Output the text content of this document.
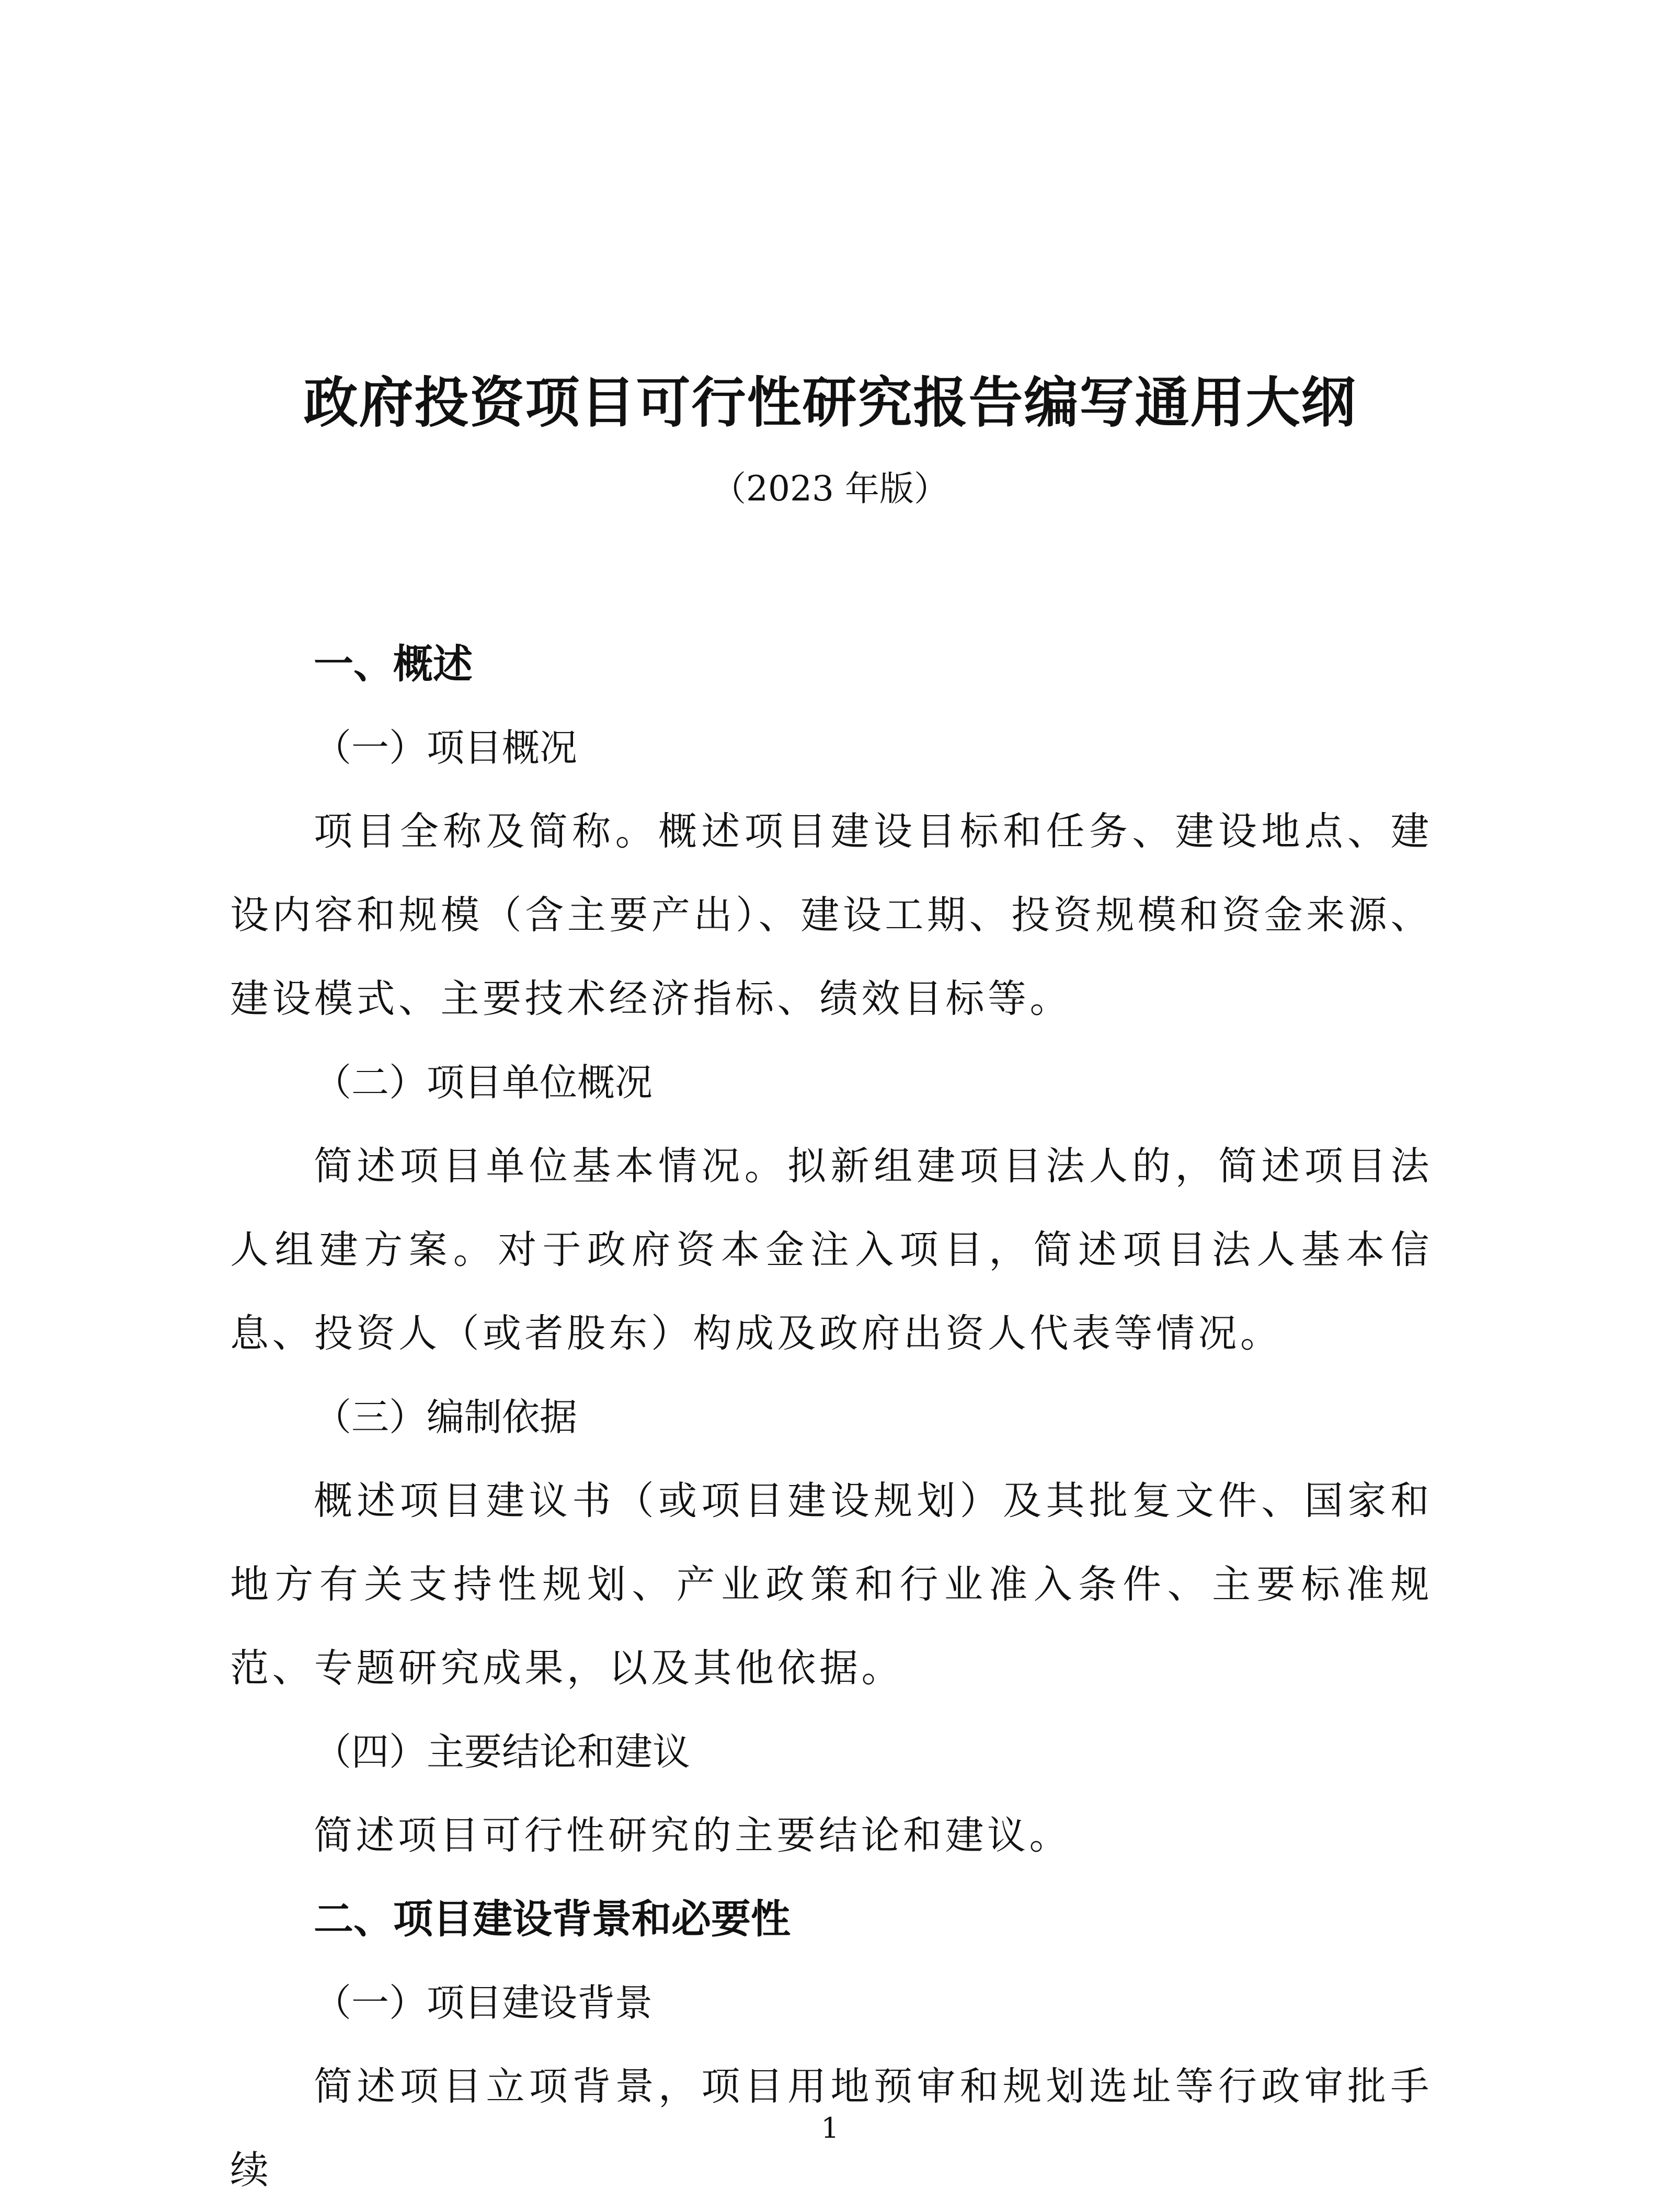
政府投资项目可行性研究报告编写通用大纲
（2023 年版）
一、概述
（一）项目概况

项目全称及简称。概述项目建设目标和任务、建设地点、建设内容和规模（含主要产出）、建设工期、投资规模和资金来源、建设模式、主要技术经济指标、绩效目标等。

（二）项目单位概况

简述项目单位基本情况。拟新组建项目法人的，简述项目法人组建方案。对于政府资本金注入项目，简述项目法人基本信息、投资人（或者股东）构成及政府出资人代表等情况。

（三）编制依据

概述项目建议书（或项目建设规划）及其批复文件、国家和地方有关支持性规划、产业政策和行业准入条件、主要标准规范、专题研究成果，以及其他依据。

（四）主要结论和建议

简述项目可行性研究的主要结论和建议。

二、项目建设背景和必要性
（一）项目建设背景

简述项目立项背景，项目用地预审和规划选址等行政审批手续

1
